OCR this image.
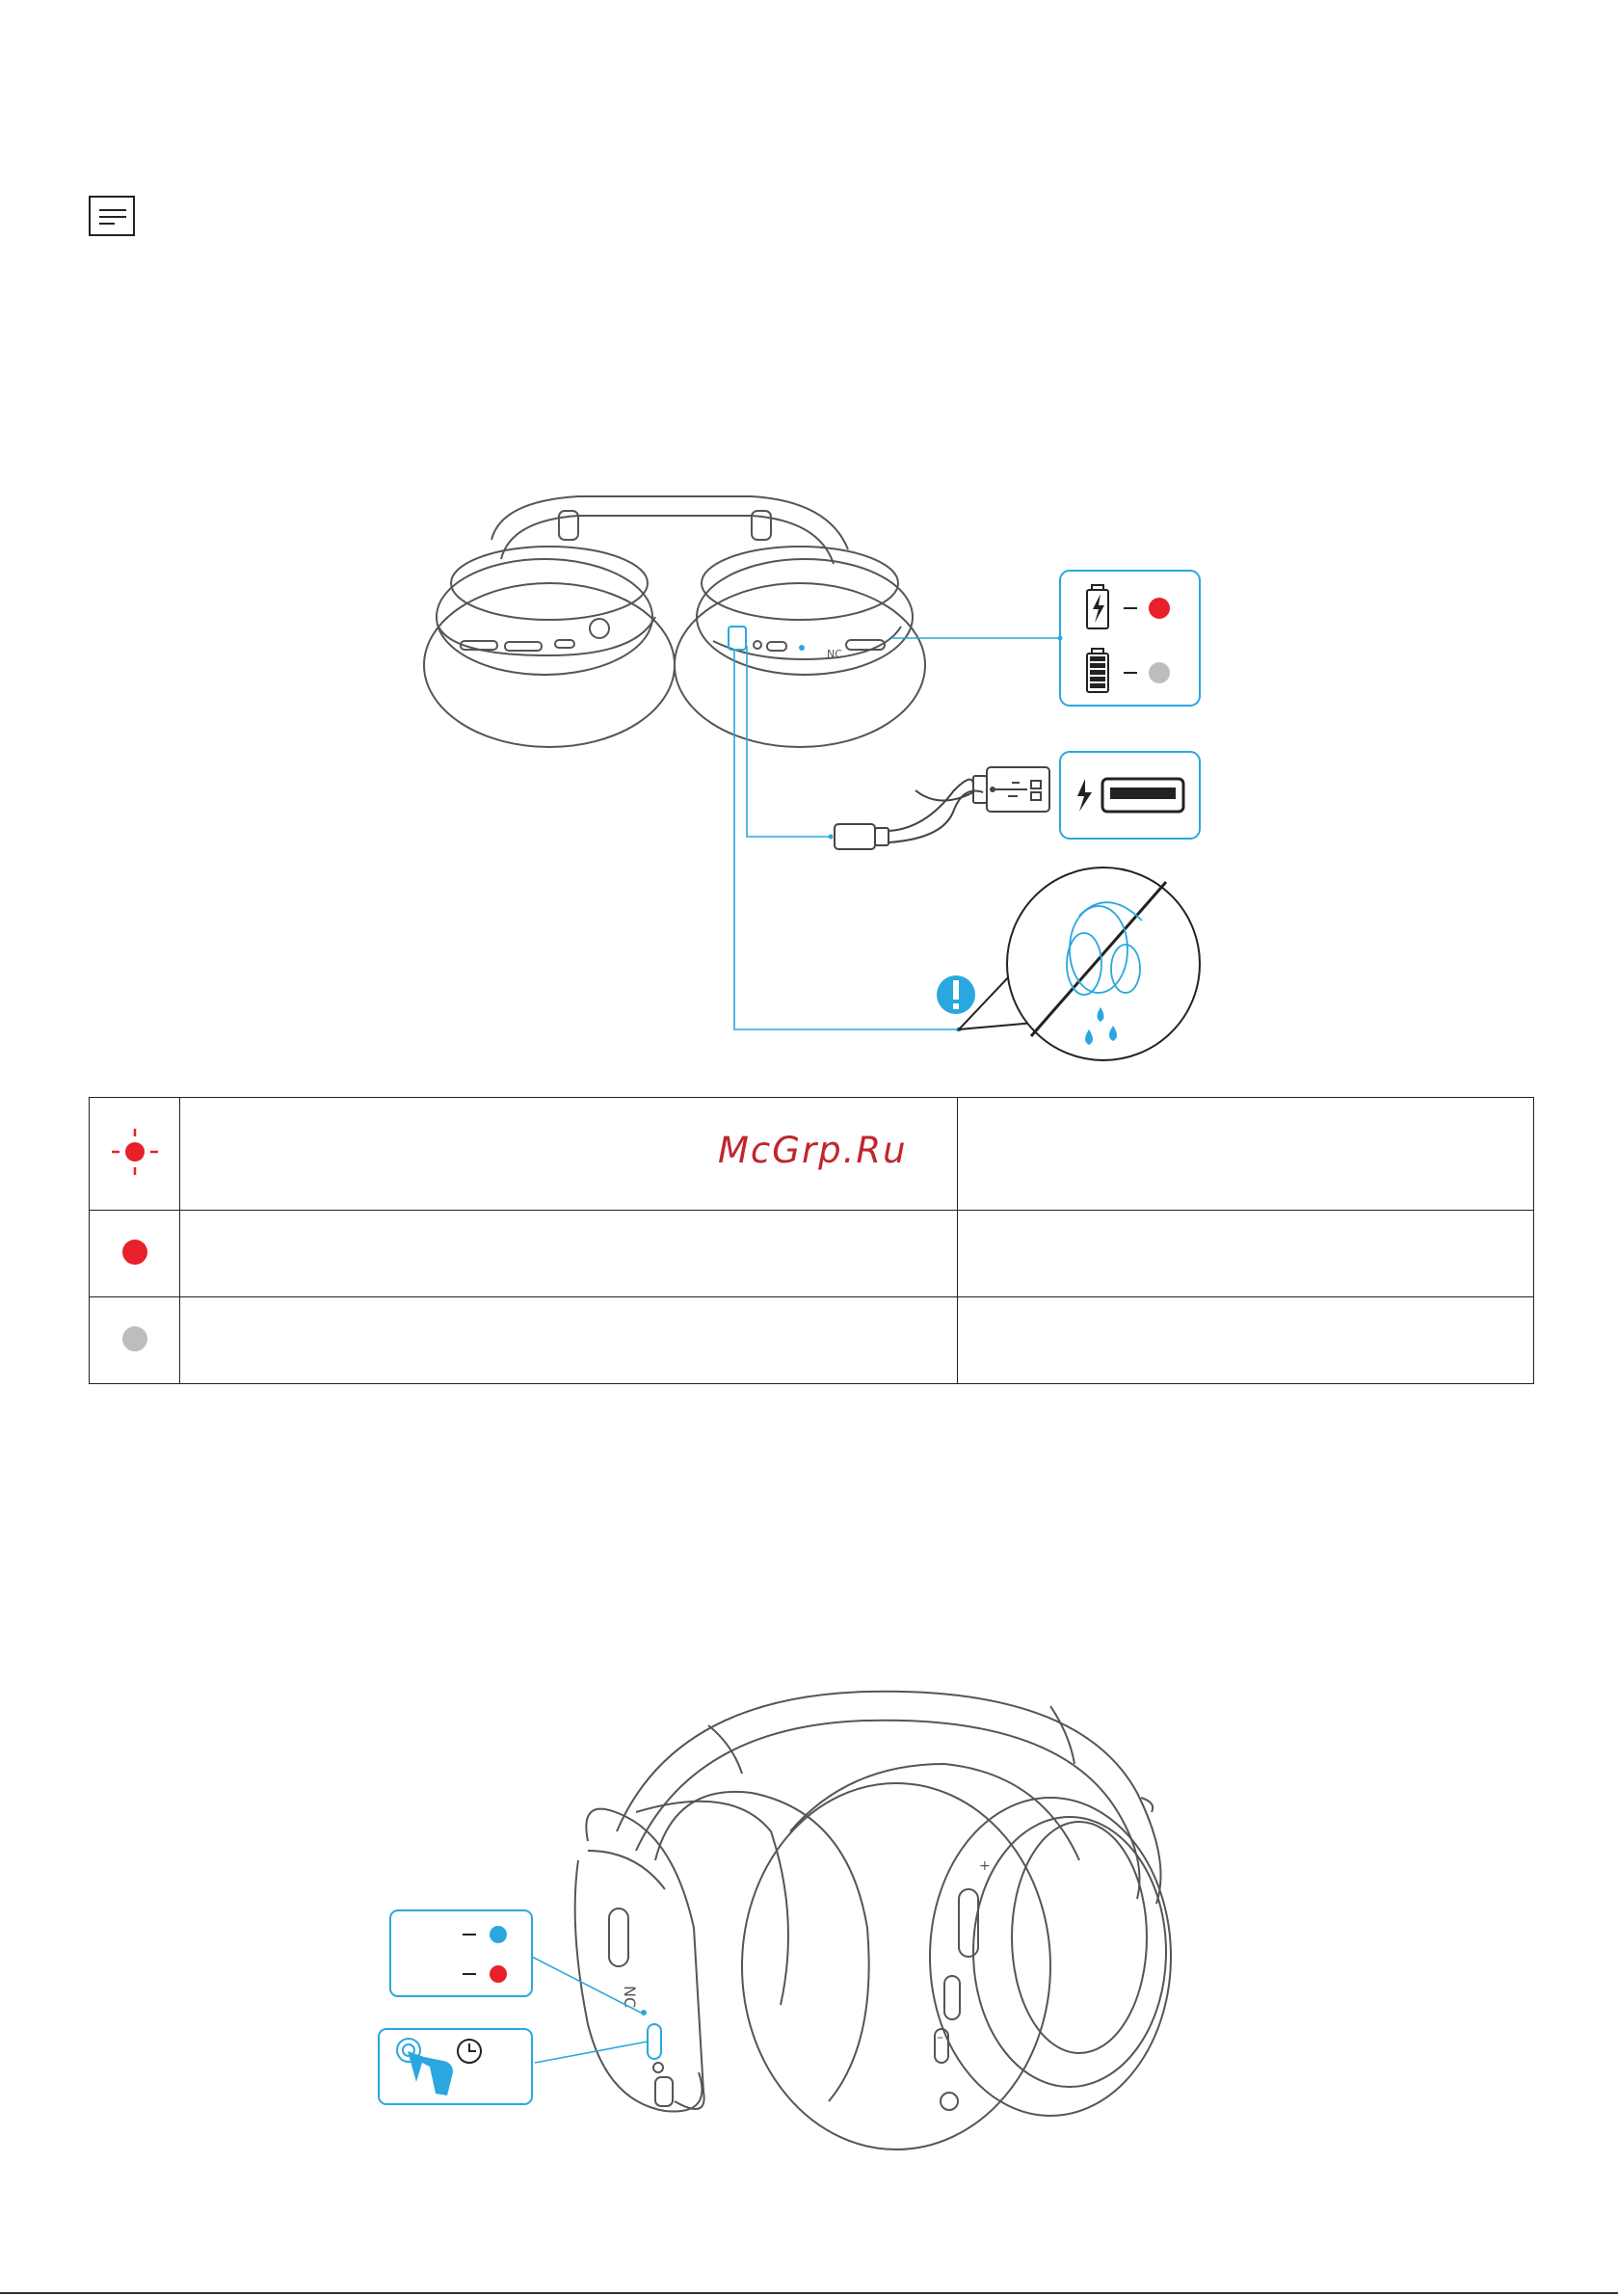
NC

McGrp.Ru
NC
+
–
